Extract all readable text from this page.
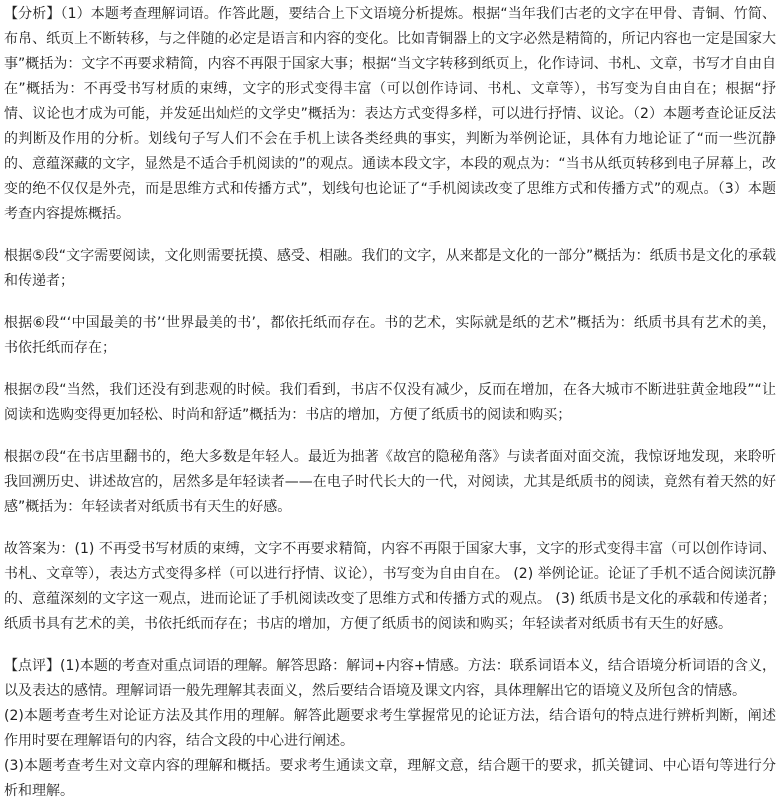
【分析】（1）本题考查理解词语。作答此题，要结合上下文语境分析提炼。根据“当年我们古老的文字在甲骨、青铜、竹简、布帛、纸页上不断转移，与之伴随的必定是语言和内容的变化。比如青铜器上的文字必然是精简的，所记内容也一定是国家大事”概括为：文字不再要求精简，内容不再限于国家大事；根据“当文字转移到纸页上，化作诗词、书札、文章，书写才自由自在”概括为：不再受书写材质的束缚，文字的形式变得丰富（可以创作诗词、书札、文章等），书写变为自由自在；根据“抒情、议论也才成为可能，并发延出灿烂的文学史”概括为：表达方式变得多样，可以进行抒情、议论。（2）本题考查论证反法的判断及作用的分析。划线句子写人们不会在手机上读各类经典的事实，判断为举例论证，具体有力地论证了“而一些沉静的、意蕴深藏的文字，显然是不适合手机阅读的”的观点。通读本段文字，本段的观点为：“当书从纸页转移到电子屏幕上，改变的绝不仅仅是外壳，而是思维方式和传播方式”，划线句也论证了“手机阅读改变了思维方式和传播方式”的观点。（3）本题考查内容提炼概括。

根据⑤段“文字需要阅读，文化则需要抚摸、感受、相融。我们的文字，从来都是文化的一部分”概括为：纸质书是文化的承载和传递者；

根据⑥段“‘中国最美的书’‘世界最美的书’，都依托纸而存在。书的艺术，实际就是纸的艺术”概括为：纸质书具有艺术的美，书依托纸而存在；

根据⑦段“当然，我们还没有到悲观的时候。我们看到，书店不仅没有减少，反而在增加，在各大城市不断进驻黄金地段”“让阅读和选购变得更加轻松、时尚和舒适”概括为：书店的增加，方便了纸质书的阅读和购买；

根据⑦段“在书店里翻书的，绝大多数是年轻人。最近为拙著《故宫的隐秘角落》与读者面对面交流，我惊讶地发现，来聆听我回溯历史、讲述故宫的，居然多是年轻读者——在电子时代长大的一代，对阅读，尤其是纸质书的阅读，竟然有着天然的好感”概括为：年轻读者对纸质书有天生的好感。

故答案为：(1) 不再受书写材质的束缚，文字不再要求精简，内容不再限于国家大事，文字的形式变得丰富（可以创作诗词、书札、文章等），表达方式变得多样（可以进行抒情、议论），书写变为自由自在。 (2) 举例论证。论证了手机不适合阅读沉静的、意蕴深刻的文字这一观点，进而论证了手机阅读改变了思维方式和传播方式的观点。 (3) 纸质书是文化的承载和传递者；纸质书具有艺术的美，书依托纸而存在；书店的增加，方便了纸质书的阅读和购买；年轻读者对纸质书有天生的好感。

【点评】(1)本题的考查对重点词语的理解。解答思路：解词+内容+情感。方法：联系词语本义，结合语境分析词语的含义，以及表达的感情。理解词语一般先理解其表面义，然后要结合语境及课文内容，具体理解出它的语境义及所包含的情感。
(2)本题考查考生对论证方法及其作用的理解。解答此题要求考生掌握常见的论证方法，结合语句的特点进行辨析判断，阐述作用时要在理解语句的内容，结合文段的中心进行阐述。
(3)本题考查考生对文章内容的理解和概括。要求考生通读文章，理解文意，结合题干的要求，抓关键词、中心语句等进行分析和理解。
